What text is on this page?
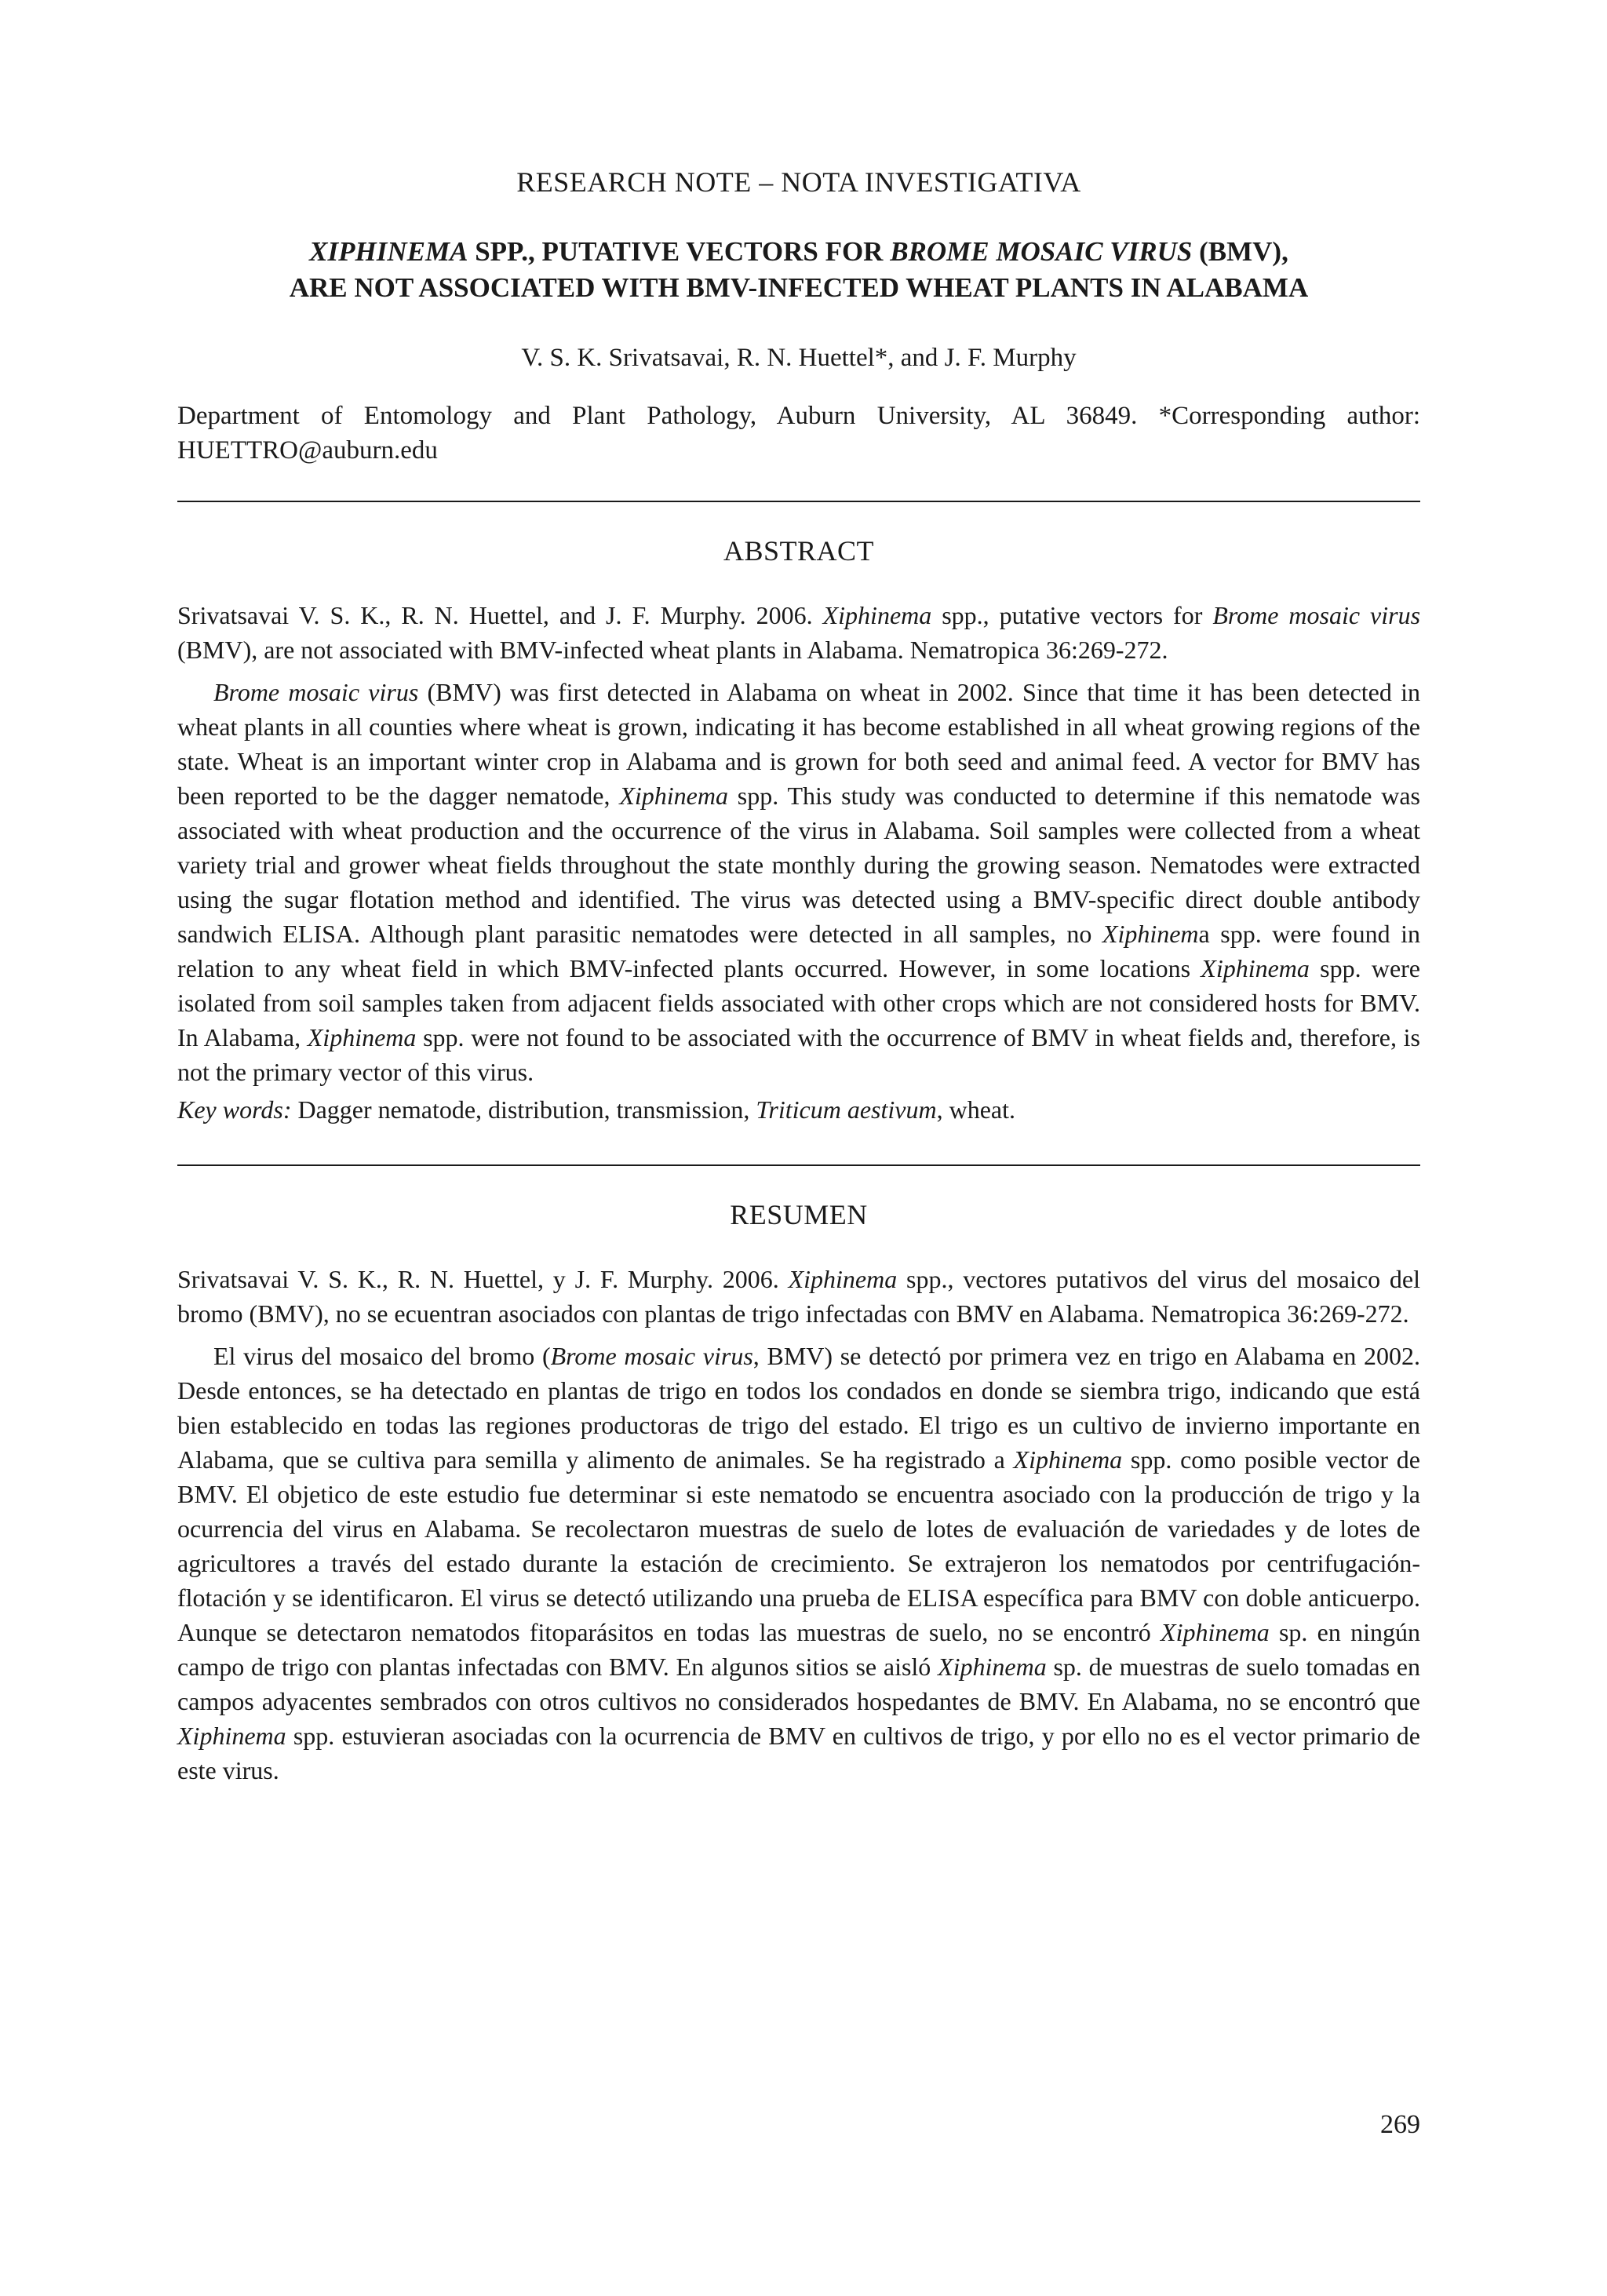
RESEARCH NOTE – NOTA INVESTIGATIVA
XIPHINEMA SPP., PUTATIVE VECTORS FOR BROME MOSAIC VIRUS (BMV),
ARE NOT ASSOCIATED WITH BMV-INFECTED WHEAT PLANTS IN ALABAMA
V. S. K. Srivatsavai, R. N. Huettel*, and J. F. Murphy
Department of Entomology and Plant Pathology, Auburn University, AL 36849. *Corresponding author: HUETTRO@auburn.edu
ABSTRACT

Srivatsavai V. S. K., R. N. Huettel, and J. F. Murphy. 2006. Xiphinema spp., putative vectors for Brome mosaic virus (BMV), are not associated with BMV-infected wheat plants in Alabama. Nematropica 36:269-272.

Brome mosaic virus (BMV) was first detected in Alabama on wheat in 2002. Since that time it has been detected in wheat plants in all counties where wheat is grown, indicating it has become established in all wheat growing regions of the state. Wheat is an important winter crop in Alabama and is grown for both seed and animal feed. A vector for BMV has been reported to be the dagger nematode, Xiphinema spp. This study was conducted to determine if this nematode was associated with wheat production and the occurrence of the virus in Alabama. Soil samples were collected from a wheat variety trial and grower wheat fields throughout the state monthly during the growing season. Nematodes were extracted using the sugar flotation method and identified. The virus was detected using a BMV-specific direct double antibody sandwich ELISA. Although plant parasitic nematodes were detected in all samples, no Xiphinema spp. were found in relation to any wheat field in which BMV-infected plants occurred. However, in some locations Xiphinema spp. were isolated from soil samples taken from adjacent fields associated with other crops which are not considered hosts for BMV. In Alabama, Xiphinema spp. were not found to be associated with the occurrence of BMV in wheat fields and, therefore, is not the primary vector of this virus.

Key words: Dagger nematode, distribution, transmission, Triticum aestivum, wheat.

RESUMEN

Srivatsavai V. S. K., R. N. Huettel, y J. F. Murphy. 2006. Xiphinema spp., vectores putativos del virus del mosaico del bromo (BMV), no se ecuentran asociados con plantas de trigo infectadas con BMV en Alabama. Nematropica 36:269-272.

El virus del mosaico del bromo (Brome mosaic virus, BMV) se detectó por primera vez en trigo en Alabama en 2002. Desde entonces, se ha detectado en plantas de trigo en todos los condados en donde se siembra trigo, indicando que está bien establecido en todas las regiones productoras de trigo del estado. El trigo es un cultivo de invierno importante en Alabama, que se cultiva para semilla y alimento de animales. Se ha registrado a Xiphinema spp. como posible vector de BMV. El objetico de este estudio fue determinar si este nematodo se encuentra asociado con la producción de trigo y la ocurrencia del virus en Alabama. Se recolectaron muestras de suelo de lotes de evaluación de variedades y de lotes de agricultores a través del estado durante la estación de crecimiento. Se extrajeron los nematodos por centrifugación-flotación y se identificaron. El virus se detectó utilizando una prueba de ELISA específica para BMV con doble anticuerpo. Aunque se detectaron nematodos fitoparásitos en todas las muestras de suelo, no se encontró Xiphinema sp. en ningún campo de trigo con plantas infectadas con BMV. En algunos sitios se aisló Xiphinema sp. de muestras de suelo tomadas en campos adyacentes sembrados con otros cultivos no considerados hospedantes de BMV. En Alabama, no se encontró que Xiphinema spp. estuvieran asociadas con la ocurrencia de BMV en cultivos de trigo, y por ello no es el vector primario de este virus.

269
